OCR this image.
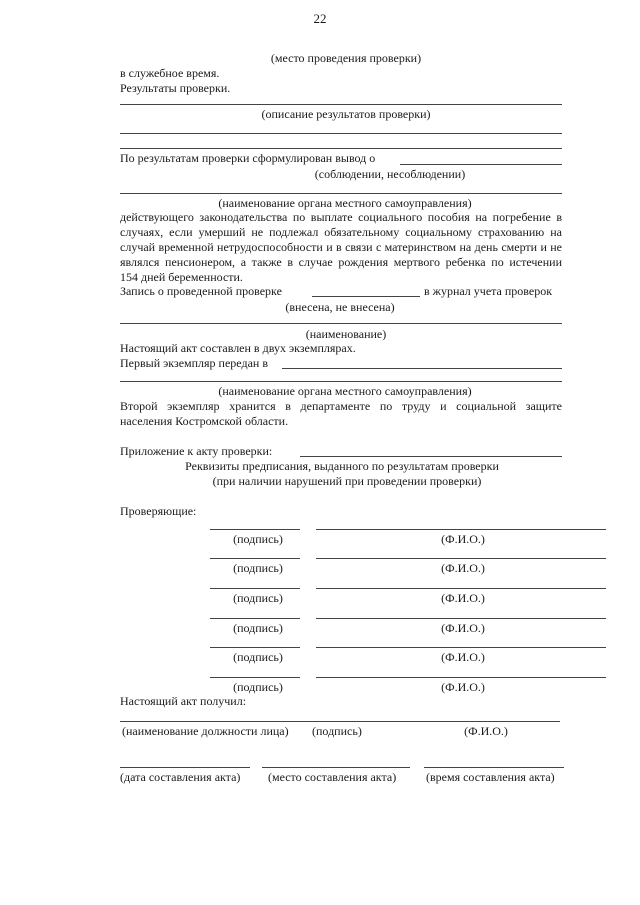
22
(место проведения проверки)
в служебное время.
Результаты проверки.
(описание результатов проверки)
По результатам проверки сформулирован вывод о
(соблюдении, несоблюдении)
(наименование органа местного самоуправления)
действующего законодательства по выплате социального пособия на погребение в
случаях, если умерший не подлежал обязательному социальному страхованию на
случай временной нетрудоспособности и в связи с материнством на день смерти и не
являлся пенсионером, а также в случае рождения мертвого ребенка по истечении
154 дней беременности.
Запись о проведенной проверке	в журнал учета проверок
(внесена, не внесена)
(наименование)
Настоящий акт составлен в двух экземплярах.
Первый экземпляр передан в
(наименование органа местного самоуправления)
Второй экземпляр хранится в департаменте по труду и социальной защите
населения Костромской области.
Приложение к акту проверки:
Реквизиты предписания, выданного по результатам проверки
(при наличии нарушений при проведении проверки)
Проверяющие:
(подпись)	(Ф.И.О.)
(подпись)	(Ф.И.О.)
(подпись)	(Ф.И.О.)
(подпись)	(Ф.И.О.)
(подпись)	(Ф.И.О.)
(подпись)	(Ф.И.О.)
Настоящий акт получил:
(наименование должности лица) (подпись)	(Ф.И.О.)
(дата составления акта) (место составления акта) (время составления акта)
